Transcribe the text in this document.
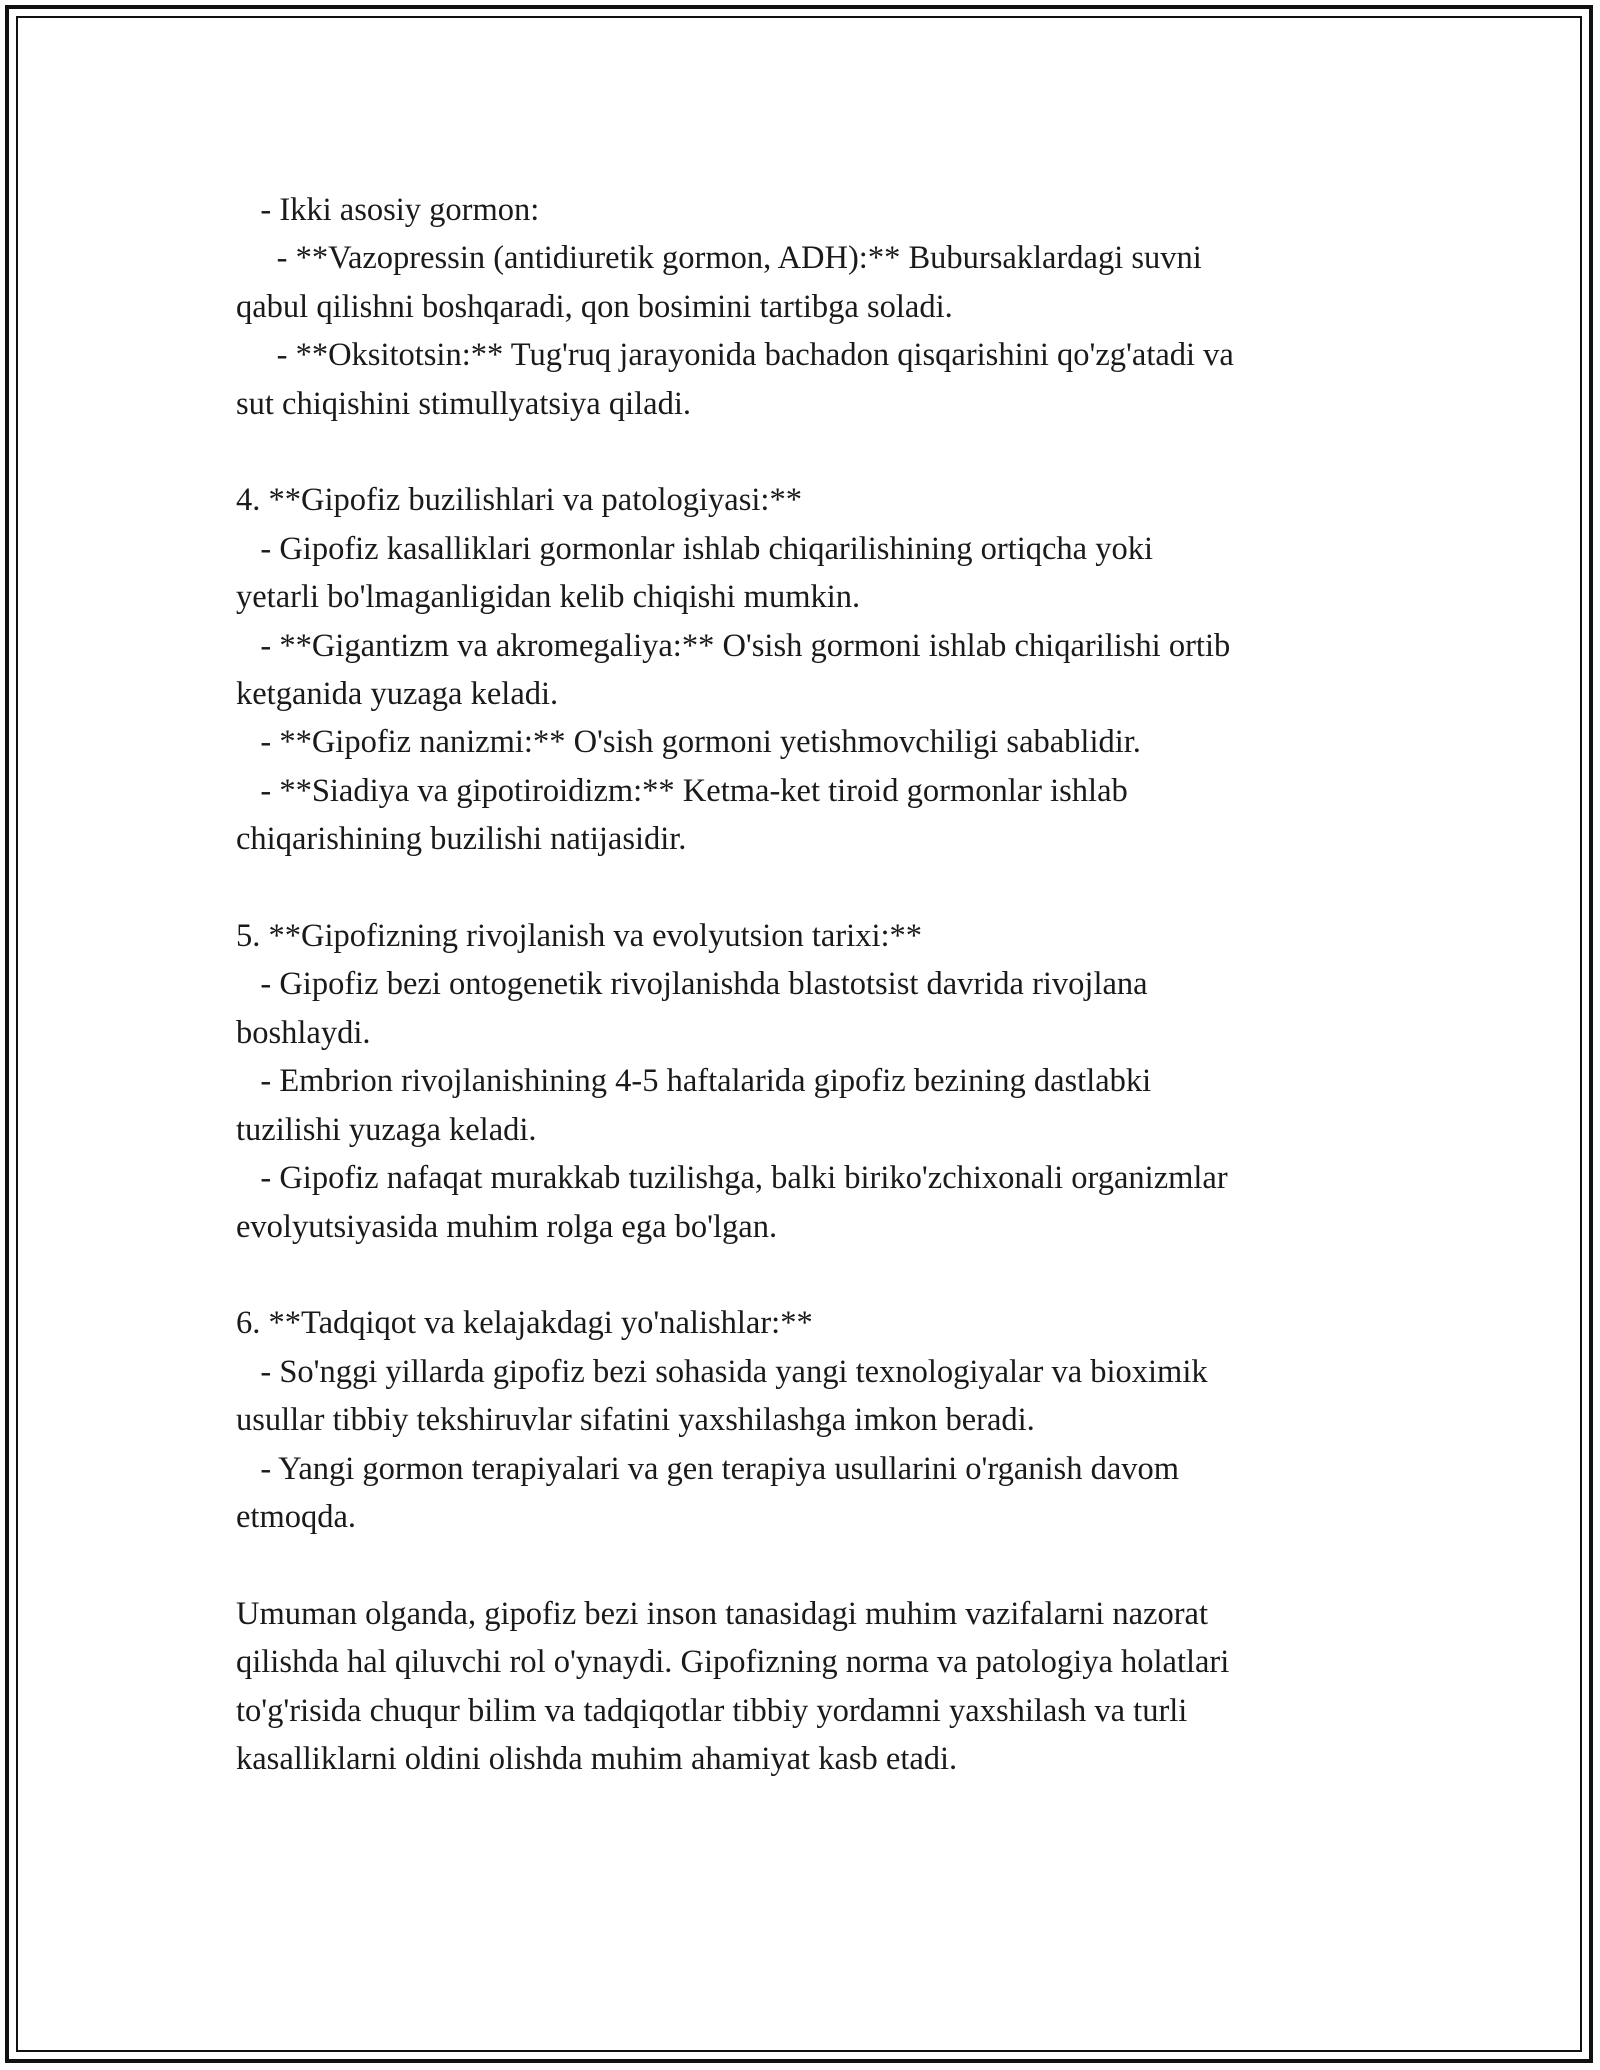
- Ikki asosiy gormon:
- **Vazopressin (antidiuretik gormon, ADH):** Bubursaklardagi suvni
qabul qilishni boshqaradi, qon bosimini tartibga soladi.
- **Oksitotsin:** Tug'ruq jarayonida bachadon qisqarishini qo'zg'atadi va
sut chiqishini stimullyatsiya qiladi.
4. **Gipofiz buzilishlari va patologiyasi:**
- Gipofiz kasalliklari gormonlar ishlab chiqarilishining ortiqcha yoki
yetarli bo'lmaganligidan kelib chiqishi mumkin.
- **Gigantizm va akromegaliya:** O'sish gormoni ishlab chiqarilishi ortib
ketganida yuzaga keladi.
- **Gipofiz nanizmi:** O'sish gormoni yetishmovchiligi sabablidir.
- **Siadiya va gipotiroidizm:** Ketma-ket tiroid gormonlar ishlab
chiqarishining buzilishi natijasidir.
5. **Gipofizning rivojlanish va evolyutsion tarixi:**
- Gipofiz bezi ontogenetik rivojlanishda blastotsist davrida rivojlana
boshlaydi.
- Embrion rivojlanishining 4-5 haftalarida gipofiz bezining dastlabki
tuzilishi yuzaga keladi.
- Gipofiz nafaqat murakkab tuzilishga, balki biriko'zchixonali organizmlar
evolyutsiyasida muhim rolga ega bo'lgan.
6. **Tadqiqot va kelajakdagi yo'nalishlar:**
- So'nggi yillarda gipofiz bezi sohasida yangi texnologiyalar va bioximik
usullar tibbiy tekshiruvlar sifatini yaxshilashga imkon beradi.
- Yangi gormon terapiyalari va gen terapiya usullarini o'rganish davom
etmoqda.
Umuman olganda, gipofiz bezi inson tanasidagi muhim vazifalarni nazorat
qilishda hal qiluvchi rol o'ynaydi. Gipofizning norma va patologiya holatlari
to'g'risida chuqur bilim va tadqiqotlar tibbiy yordamni yaxshilash va turli
kasalliklarni oldini olishda muhim ahamiyat kasb etadi.
